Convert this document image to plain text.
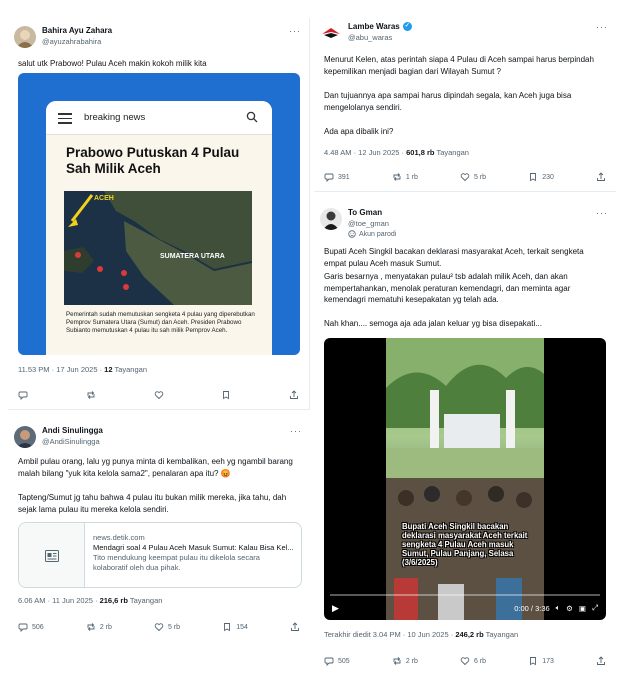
Bahira Ayu Zahara
@ayuzahrabahira
···
salut utk Prabowo! Pulau Aceh makin kokoh milik kita
breaking news
Prabowo Putuskan 4 Pulau Sah Milik Aceh
ACEH
SUMATERA UTARA
Pemerintah sudah memutuskan sengketa 4 pulau yang diperebutkan Pemprov Sumatera Utara (Sumut) dan Aceh. Presiden Prabowo Subianto memutuskan 4 pulau itu sah milik Pemprov Aceh.
11.53 PM · 17 Jun 2025 · 12 Tayangan
Andi Sinulingga
@AndiSinulingga
···
Ambil pulau orang, lalu yg punya minta di kembalikan, eeh yg ngambil barang malah bilang "yuk kita kelola sama2", penalaran apa itu? 😡
Tapteng/Sumut jg tahu bahwa 4 pulau itu bukan milik mereka, jika tahu, dah sejak lama pulau itu mereka kelola sendiri.
news.detik.com
Mendagri soal 4 Pulau Aceh Masuk Sumut: Kalau Bisa Kel...
Tito mendukung keempat pulau itu dikelola secara kolaboratif oleh dua pihak.
6.06 AM · 11 Jun 2025 · 216,6 rb Tayangan
506	2 rb	5 rb	154
Lambe Waras ✓
@abu_waras
···
Menurut Kelen, atas perintah siapa 4 Pulau di Aceh sampai harus berpindah kepemilikan menjadi bagian dari Wilayah Sumut ?
Dan tujuannya apa sampai harus dipindah segala, kan Aceh juga bisa mengelolanya sendiri.
Ada apa dibalik ini?
4.48 AM · 12 Jun 2025 · 601,8 rb Tayangan
391	1 rb	5 rb	230
To Gman
@toe_gman
Akun parodi
···
Bupati Aceh Singkil bacakan deklarasi masyarakat Aceh, terkait sengketa empat pulau Aceh masuk Sumut.
Garis besarnya , menyatakan pulau² tsb adalah milik Aceh, dan akan mempertahankan, menolak peraturan kemendagri, dan meminta agar kemendagri mematuhi kesepakatan yg telah ada.
Nah khan.... semoga aja ada jalan keluar yg bisa disepakati...
Bupati Aceh Singkil bacakan deklarasi masyarakat Aceh terkait sengketa 4 Pulau Aceh masuk Sumut, Pulau Panjang, Selasa (3/6/2025)
▶	0:00 / 3:36 🔈︎ ⚙︎ ▣ ⤢
Terakhir diedit 3.04 PM · 10 Jun 2025 · 246,2 rb Tayangan
505	2 rb	6 rb	173
